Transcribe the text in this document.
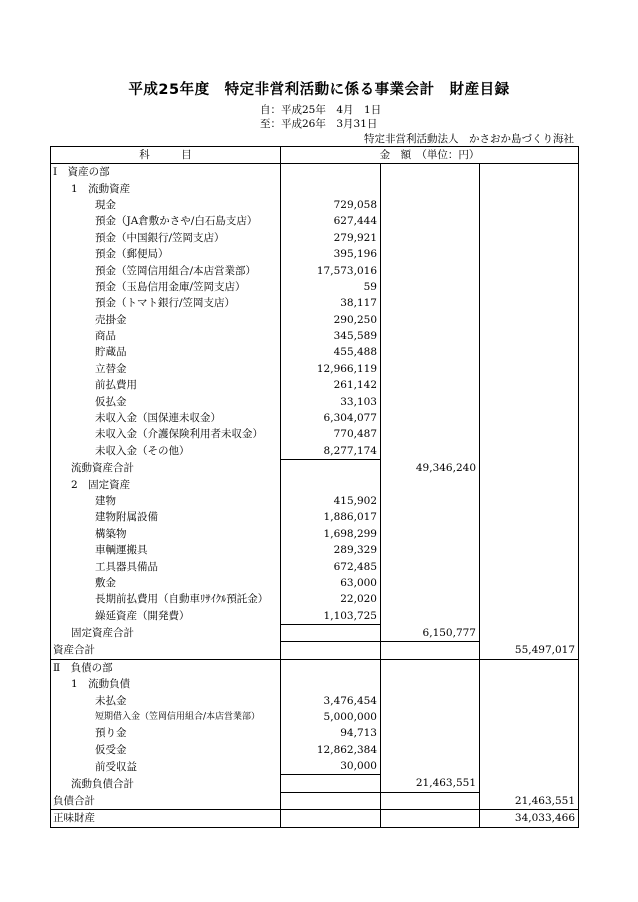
平成25年度　特定非営利活動に係る事業会計　財産目録
自：平成25年　4月　1日
至：平成26年　3月31日
特定非営利活動法人　かさおか島づくり海社
科　　　目	金　額　（単位：円）		
Ⅰ　資産の部			
1　流動資産			
現金	729,058		
預金（JA倉敷かさや/白石島支店）	627,444		
預金（中国銀行/笠岡支店）	279,921		
預金（郵便局）	395,196		
預金（笠岡信用組合/本店営業部）	17,573,016		
預金（玉島信用金庫/笠岡支店）	59		
預金（トマト銀行/笠岡支店）	38,117		
売掛金	290,250		
商品	345,589		
貯蔵品	455,488		
立替金	12,966,119		
前払費用	261,142		
仮払金	33,103		
未収入金（国保連未収金）	6,304,077		
未収入金（介護保険利用者未収金）	770,487		
未収入金（その他）	8,277,174		
流動資産合計		49,346,240	
2　固定資産			
建物	415,902		
建物附属設備	1,886,017		
構築物	1,698,299		
車輌運搬具	289,329		
工具器具備品	672,485		
敷金	63,000		
長期前払費用（自動車ﾘｻｲｸﾙ預託金）	22,020		
繰延資産（開発費）	1,103,725		
固定資産合計		6,150,777	
資産合計			55,497,017
Ⅱ　負債の部			
1　流動負債			
未払金	3,476,454		
短期借入金（笠岡信用組合/本店営業部）	5,000,000		
預り金	94,713		
仮受金	12,862,384		
前受収益	30,000		
流動負債合計		21,463,551	
負債合計			21,463,551
正味財産			34,033,466
